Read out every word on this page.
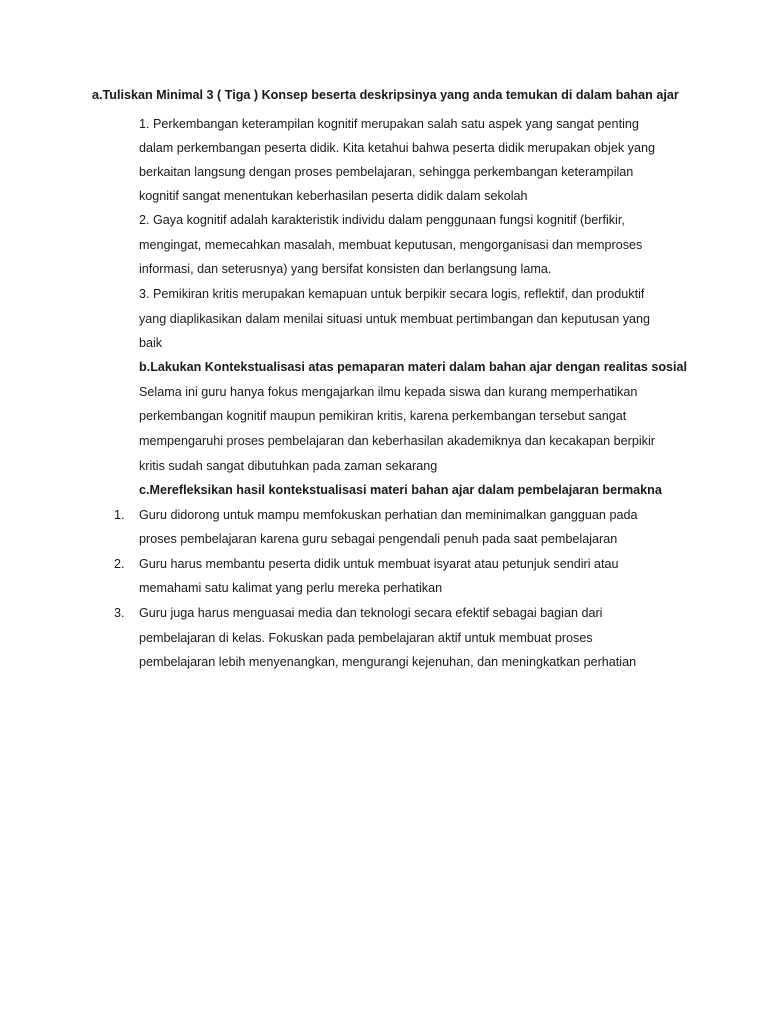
a.Tuliskan Minimal 3 ( Tiga ) Konsep beserta deskripsinya yang anda temukan di dalam bahan ajar
1. Perkembangan keterampilan kognitif merupakan salah satu aspek yang sangat penting
dalam perkembangan peserta didik. Kita ketahui bahwa peserta didik merupakan objek yang
berkaitan langsung dengan proses pembelajaran, sehingga perkembangan keterampilan
kognitif sangat menentukan keberhasilan peserta didik dalam sekolah
2. Gaya kognitif adalah karakteristik individu dalam penggunaan fungsi kognitif (berfikir,
mengingat, memecahkan masalah, membuat keputusan, mengorganisasi dan memproses
informasi, dan seterusnya) yang bersifat konsisten dan berlangsung lama.
3. Pemikiran kritis merupakan kemapuan untuk berpikir secara logis, reflektif, dan produktif
yang diaplikasikan dalam menilai situasi untuk membuat pertimbangan dan keputusan yang
baik
b.Lakukan Kontekstualisasi atas pemaparan materi dalam bahan ajar dengan realitas sosial
Selama ini guru hanya fokus mengajarkan ilmu kepada siswa dan kurang memperhatikan
perkembangan kognitif maupun pemikiran kritis, karena perkembangan tersebut sangat
mempengaruhi proses pembelajaran dan keberhasilan akademiknya dan kecakapan berpikir
kritis sudah sangat dibutuhkan pada zaman sekarang
c.Merefleksikan hasil kontekstualisasi materi bahan ajar dalam pembelajaran bermakna
1. Guru didorong untuk mampu memfokuskan perhatian dan meminimalkan gangguan pada
proses pembelajaran karena guru sebagai pengendali penuh pada saat pembelajaran
2. Guru harus membantu peserta didik untuk membuat isyarat atau petunjuk sendiri atau
memahami satu kalimat yang perlu mereka perhatikan
3. Guru juga harus menguasai media dan teknologi secara efektif sebagai bagian dari
pembelajaran di kelas. Fokuskan pada pembelajaran aktif untuk membuat proses
pembelajaran lebih menyenangkan, mengurangi kejenuhan, dan meningkatkan perhatian
